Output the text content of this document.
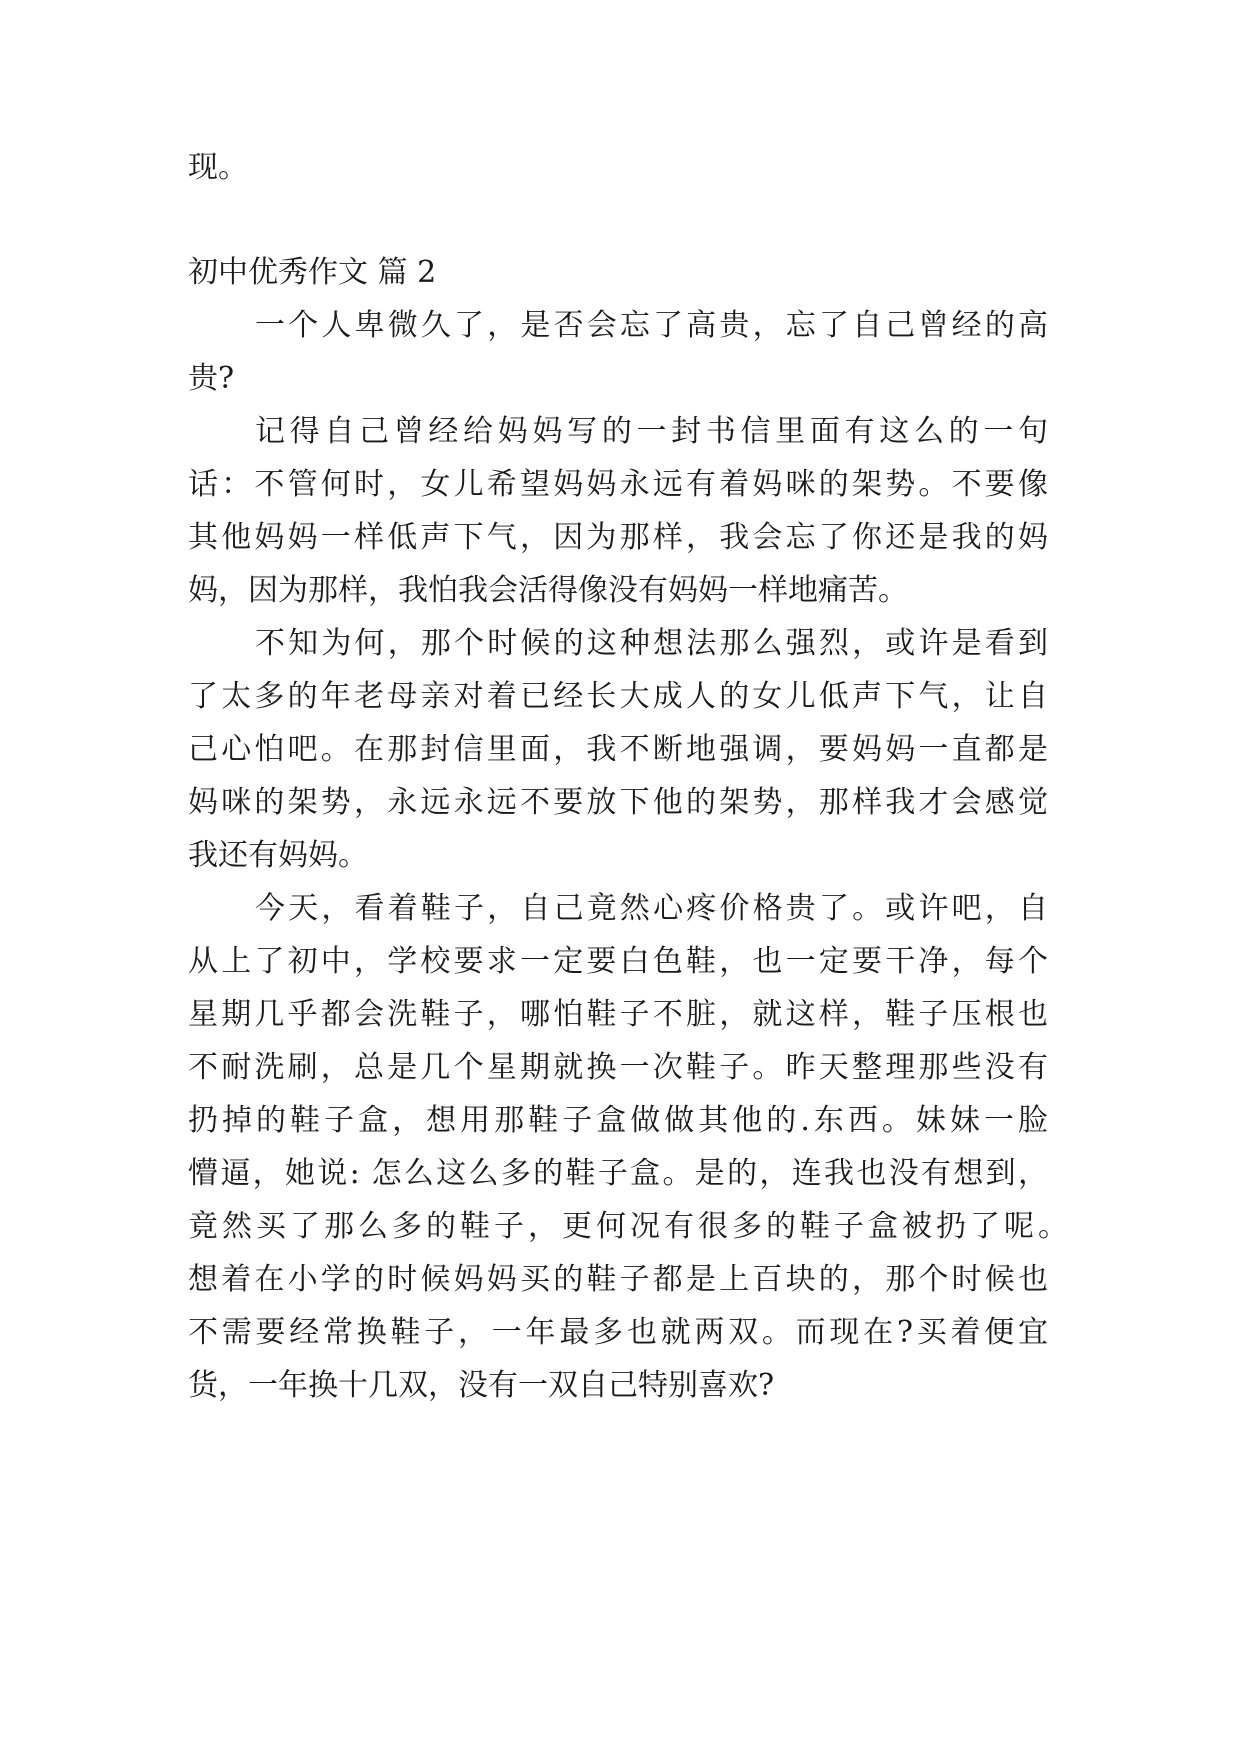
现。
初中优秀作文 篇 2
一个人卑微久了，是否会忘了高贵，忘了自己曾经的高
贵?
记得自己曾经给妈妈写的一封书信里面有这么的一句
话：不管何时，女儿希望妈妈永远有着妈咪的架势。不要像
其他妈妈一样低声下气，因为那样，我会忘了你还是我的妈
妈，因为那样，我怕我会活得像没有妈妈一样地痛苦。
不知为何，那个时候的这种想法那么强烈，或许是看到
了太多的年老母亲对着已经长大成人的女儿低声下气，让自
己心怕吧。在那封信里面，我不断地强调，要妈妈一直都是
妈咪的架势，永远永远不要放下他的架势，那样我才会感觉
我还有妈妈。
今天，看着鞋子，自己竟然心疼价格贵了。或许吧，自
从上了初中，学校要求一定要白色鞋，也一定要干净，每个
星期几乎都会洗鞋子，哪怕鞋子不脏，就这样，鞋子压根也
不耐洗刷，总是几个星期就换一次鞋子。昨天整理那些没有
扔掉的鞋子盒，想用那鞋子盒做做其他的.东西。妹妹一脸
懵逼，她说: 怎么这么多的鞋子盒。是的，连我也没有想到，
竟然买了那么多的鞋子，更何况有很多的鞋子盒被扔了呢。
想着在小学的时候妈妈买的鞋子都是上百块的，那个时候也
不需要经常换鞋子，一年最多也就两双。而现在?买着便宜
货，一年换十几双，没有一双自己特别喜欢?
